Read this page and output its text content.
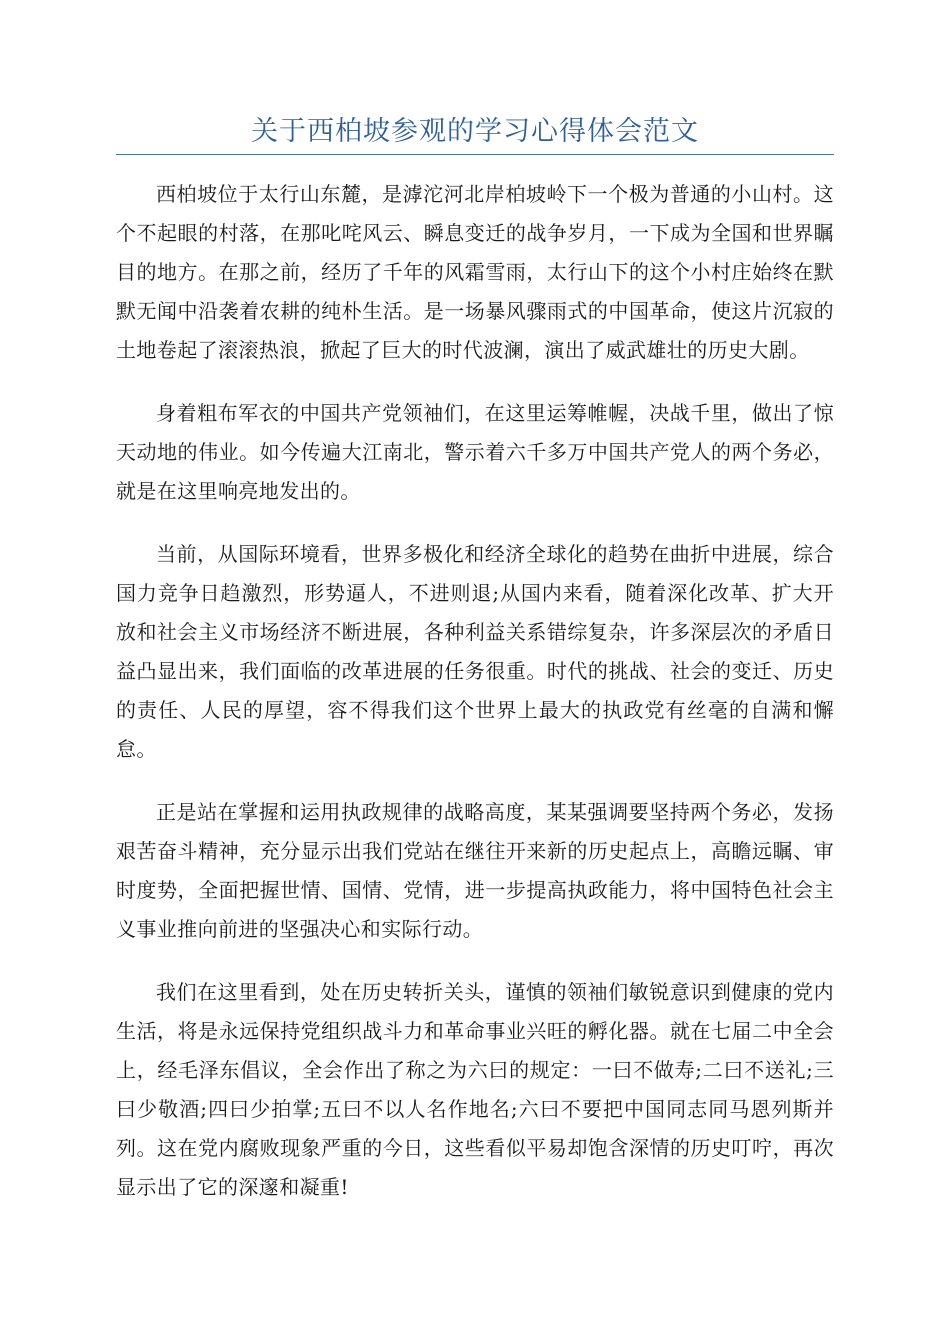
关于西柏坡参观的学习心得体会范文

西柏坡位于太行山东麓，是滹沱河北岸柏坡岭下一个极为普通的小山村。这个不起眼的村落，在那叱咤风云、瞬息变迁的战争岁月，一下成为全国和世界瞩目的地方。在那之前，经历了千年的风霜雪雨，太行山下的这个小村庄始终在默默无闻中沿袭着农耕的纯朴生活。是一场暴风骤雨式的中国革命，使这片沉寂的土地卷起了滚滚热浪，掀起了巨大的时代波澜，演出了威武雄壮的历史大剧。

身着粗布军衣的中国共产党领袖们，在这里运筹帷幄，决战千里，做出了惊天动地的伟业。如今传遍大江南北，警示着六千多万中国共产党人的两个务必，就是在这里响亮地发出的。

当前，从国际环境看，世界多极化和经济全球化的趋势在曲折中进展，综合国力竞争日趋激烈，形势逼人，不进则退;从国内来看，随着深化改革、扩大开放和社会主义市场经济不断进展，各种利益关系错综复杂，许多深层次的矛盾日益凸显出来，我们面临的改革进展的任务很重。时代的挑战、社会的变迁、历史的责任、人民的厚望，容不得我们这个世界上最大的执政党有丝毫的自满和懈怠。

正是站在掌握和运用执政规律的战略高度，某某强调要坚持两个务必，发扬艰苦奋斗精神，充分显示出我们党站在继往开来新的历史起点上，高瞻远瞩、审时度势，全面把握世情、国情、党情，进一步提高执政能力，将中国特色社会主义事业推向前进的坚强决心和实际行动。

我们在这里看到，处在历史转折关头，谨慎的领袖们敏锐意识到健康的党内生活，将是永远保持党组织战斗力和革命事业兴旺的孵化器。就在七届二中全会上，经毛泽东倡议，全会作出了称之为六曰的规定：一曰不做寿;二曰不送礼;三曰少敬酒;四曰少拍掌;五曰不以人名作地名;六曰不要把中国同志同马恩列斯并列。这在党内腐败现象严重的今日，这些看似平易却饱含深情的历史叮咛，再次显示出了它的深邃和凝重!
